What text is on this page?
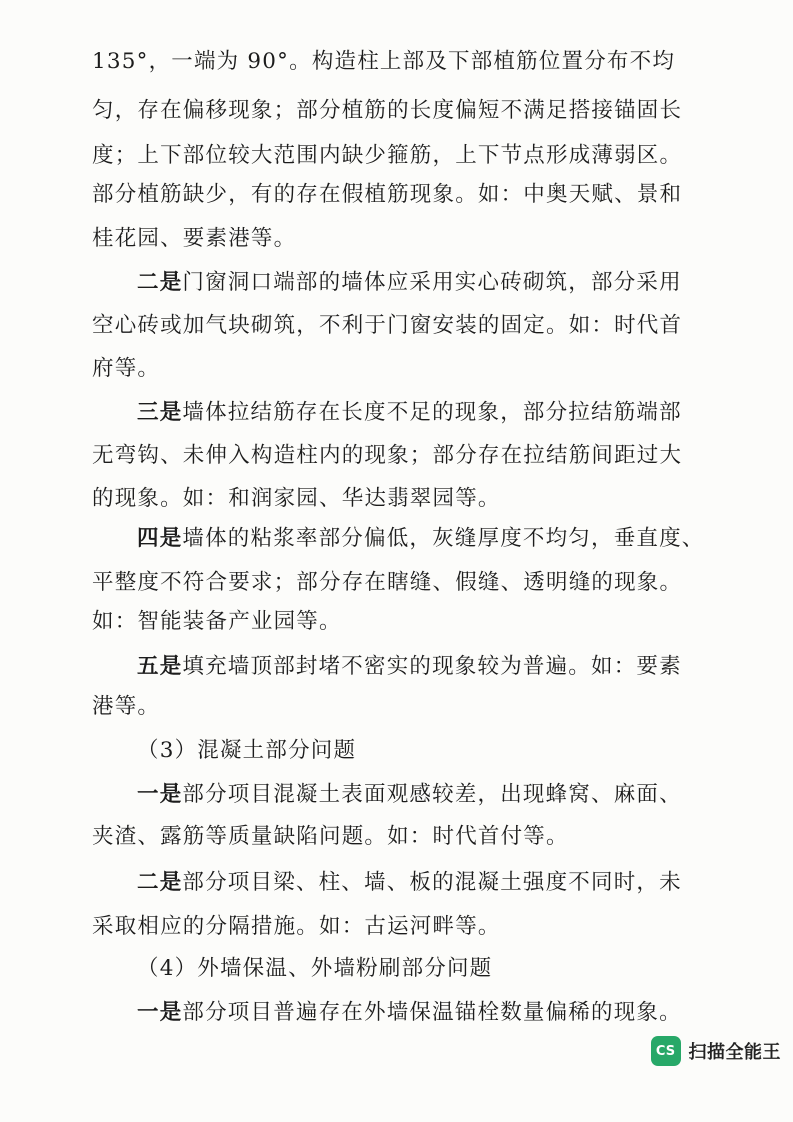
135°，一端为 90°。构造柱上部及下部植筋位置分布不均
匀，存在偏移现象；部分植筋的长度偏短不满足搭接锚固长
度；上下部位较大范围内缺少箍筋，上下节点形成薄弱区。
部分植筋缺少，有的存在假植筋现象。如：中奥天赋、景和
桂花园、要素港等。
二是门窗洞口端部的墙体应采用实心砖砌筑，部分采用
空心砖或加气块砌筑，不利于门窗安装的固定。如：时代首
府等。
三是墙体拉结筋存在长度不足的现象，部分拉结筋端部
无弯钩、未伸入构造柱内的现象；部分存在拉结筋间距过大
的现象。如：和润家园、华达翡翠园等。
四是墙体的粘浆率部分偏低，灰缝厚度不均匀，垂直度、
平整度不符合要求；部分存在瞎缝、假缝、透明缝的现象。
如：智能装备产业园等。
五是填充墙顶部封堵不密实的现象较为普遍。如：要素
港等。
（3）混凝土部分问题
一是部分项目混凝土表面观感较差，出现蜂窝、麻面、
夹渣、露筋等质量缺陷问题。如：时代首付等。
二是部分项目梁、柱、墙、板的混凝土强度不同时，未
采取相应的分隔措施。如：古运河畔等。
（4）外墙保温、外墙粉刷部分问题
一是部分项目普遍存在外墙保温锚栓数量偏稀的现象。
CS 扫描全能王
